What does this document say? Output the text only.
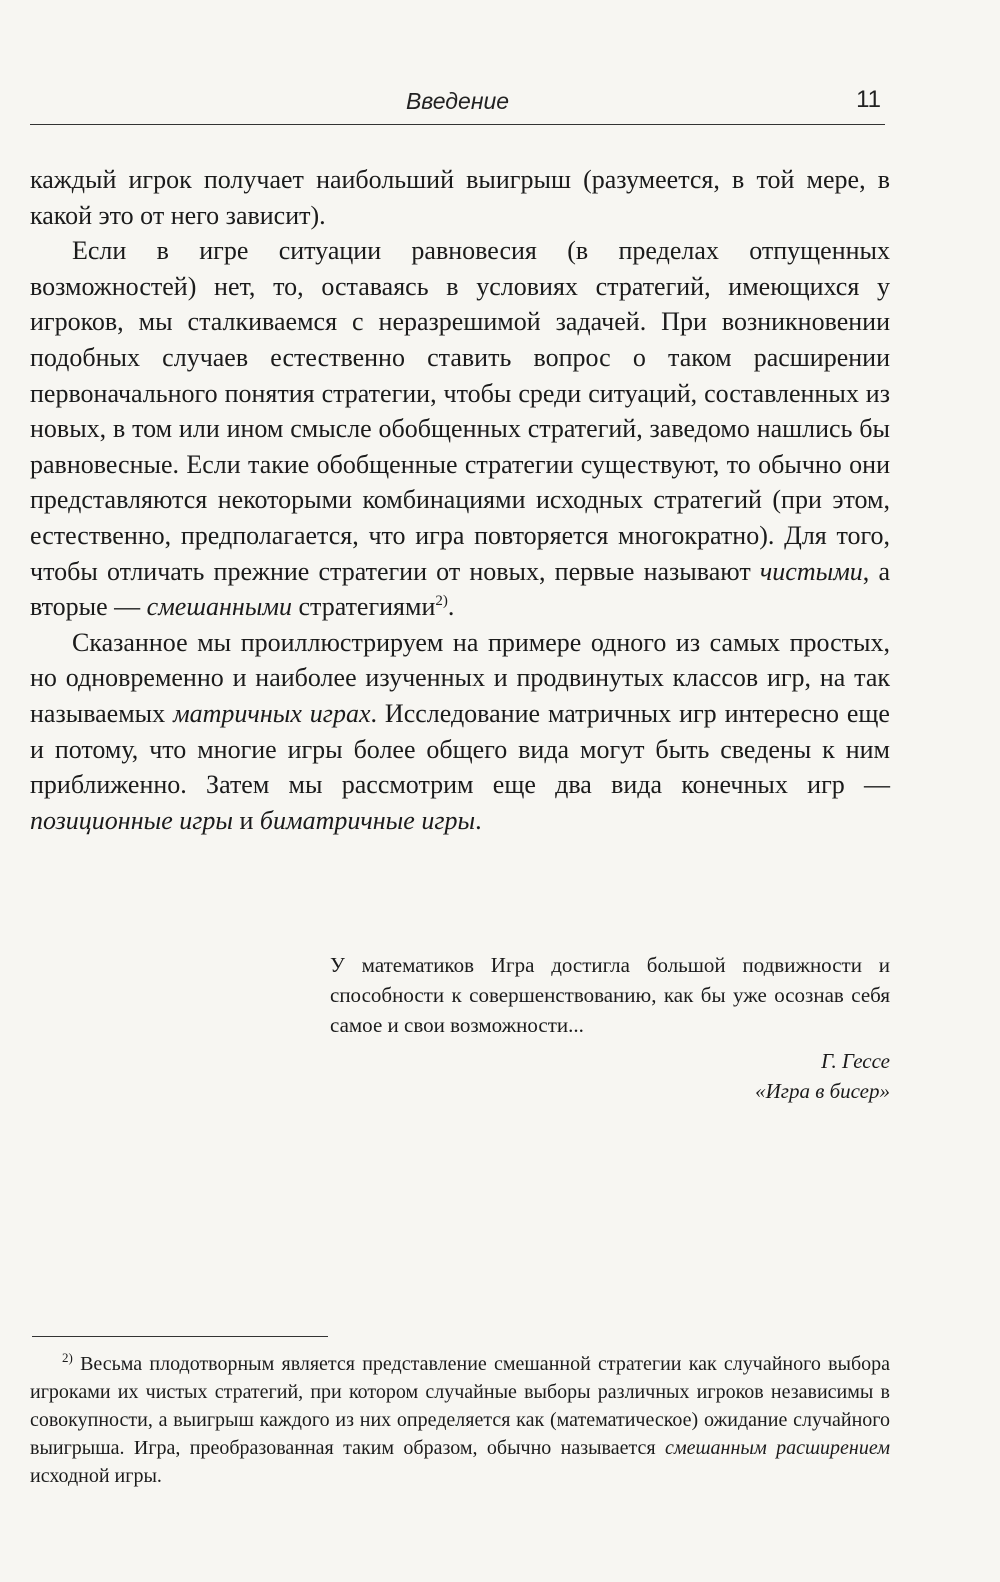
Введение	11

каждый игрок получает наибольший выигрыш (разумеется, в той мере, в какой это от него зависит).

Если в игре ситуации равновесия (в пределах отпущенных возможностей) нет, то, оставаясь в условиях стратегий, имеющихся у игроков, мы сталкиваемся с неразрешимой задачей. При возникновении подобных случаев естественно ставить вопрос о таком расширении первоначального понятия стратегии, чтобы среди ситуаций, составленных из новых, в том или ином смысле обобщенных стратегий, заведомо нашлись бы равновесные. Если такие обобщенные стратегии существуют, то обычно они представляются некоторыми комбинациями исходных стратегий (при этом, естественно, предполагается, что игра повторяется многократно). Для того, чтобы отличать прежние стратегии от новых, первые называют чистыми, а вторые — смешанными стратегиями$^{2)}$.

Сказанное мы проиллюстрируем на примере одного из самых простых, но одновременно и наиболее изученных и продвинутых классов игр, на так называемых матричных играх. Исследование матричных игр интересно еще и потому, что многие игры более общего вида могут быть сведены к ним приближенно. Затем мы рассмотрим еще два вида конечных игр — позиционные игры и биматричные игры.

У математиков Игра достигла большой подвижности и способности к совершенствованию, как бы уже осознав себя самое и свои возможности...
Г. Гессе
«Игра в бисер»
$^{2)}$ Весьма плодотворным является представление смешанной стратегии как случайного выбора игроками их чистых стратегий, при котором случайные выборы различных игроков независимы в совокупности, а выигрыш каждого из них определяется как (математическое) ожидание случайного выигрыша. Игра, преобразованная таким образом, обычно называется смешанным расширением исходной игры.
